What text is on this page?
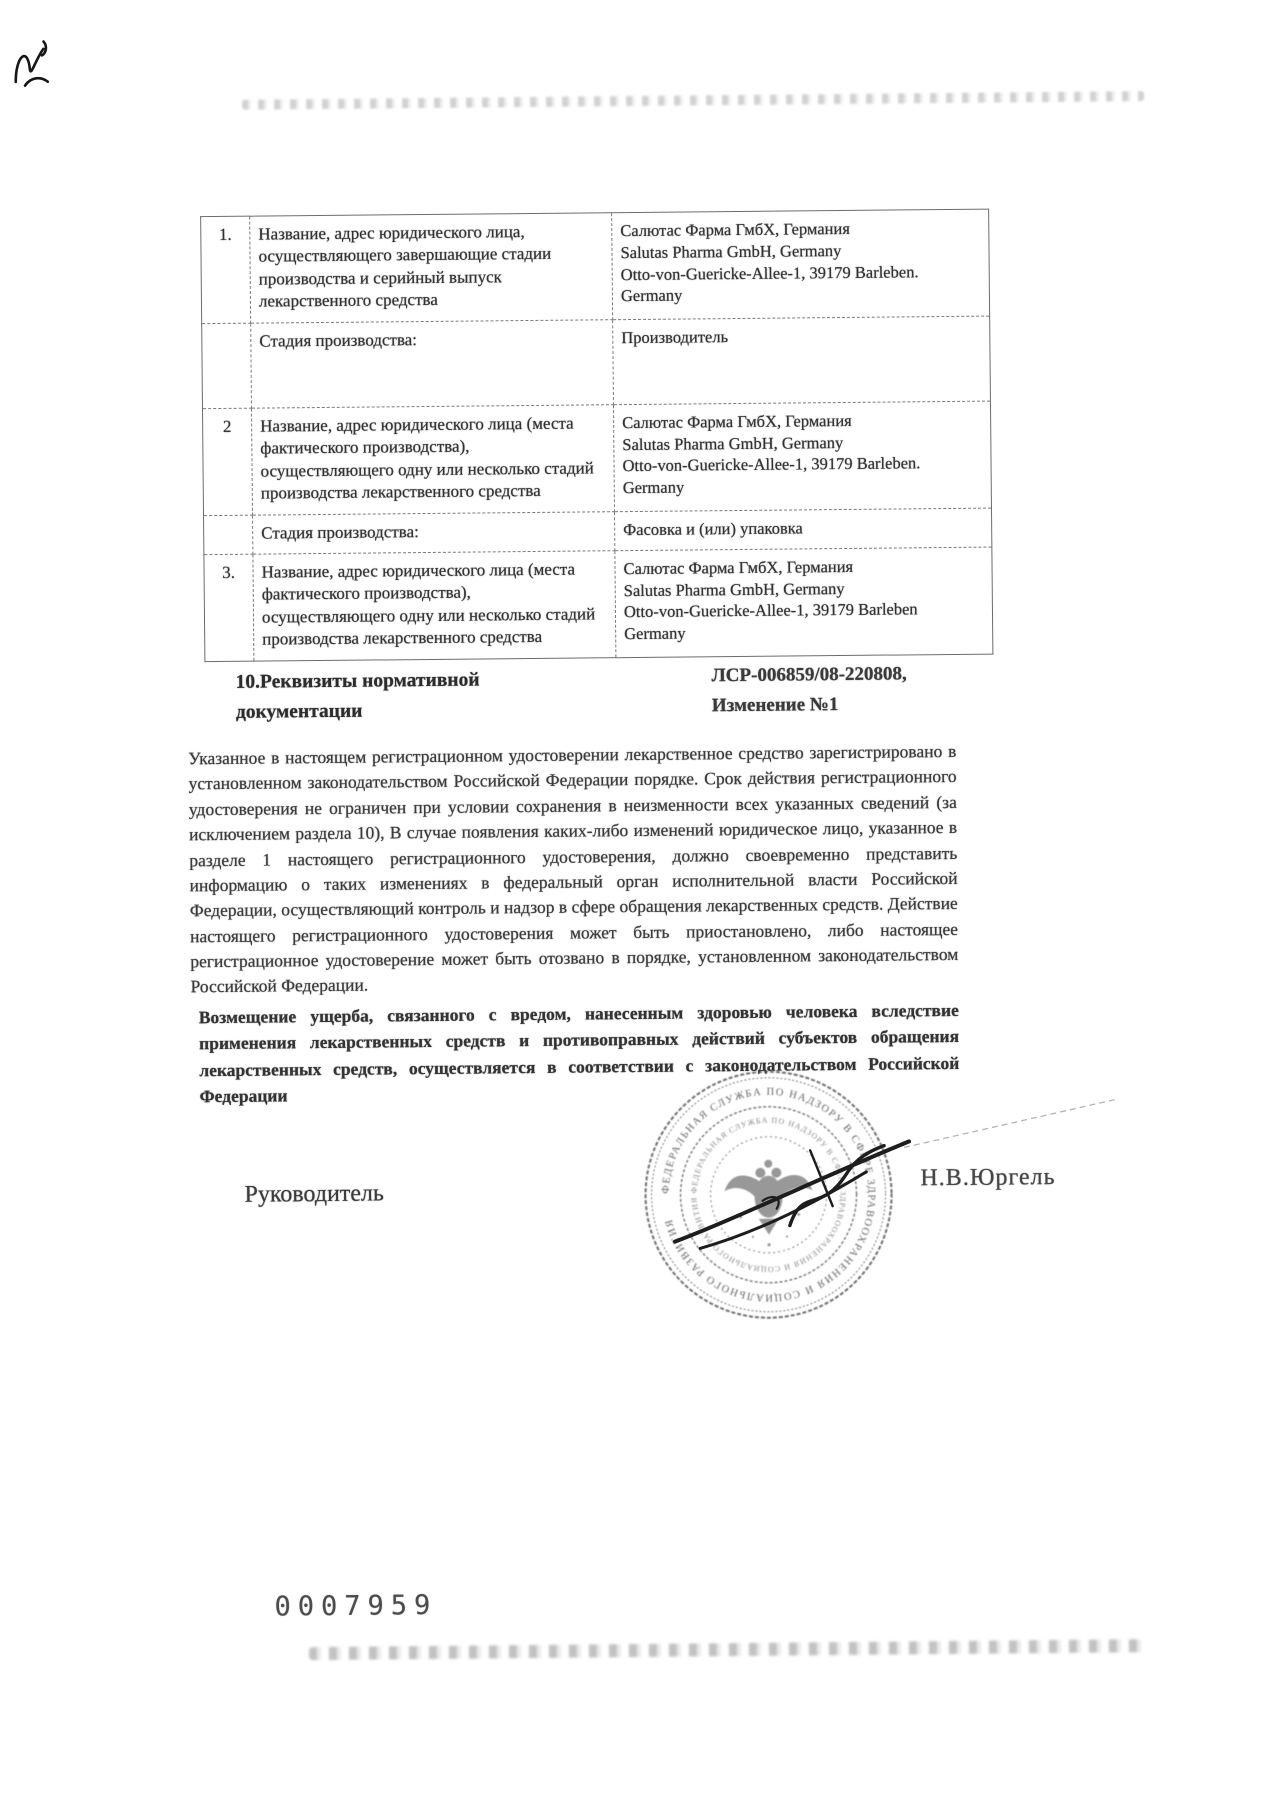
1.	Название, адрес юридического лица, осуществляющего завершающие стадии производства и серийный выпуск лекарственного средства	Салютас Фарма ГмбХ, Германия
Salutas Pharma GmbH, Germany
Otto-von-Guericke-Allee-1, 39179 Barleben.
Germany
	Стадия производства:	Производитель
2	Название, адрес юридического лица (места фактического производства), осуществляющего одну или несколько стадий производства лекарственного средства	Салютас Фарма ГмбХ, Германия
Salutas Pharma GmbH, Germany
Otto-von-Guericke-Allee-1, 39179 Barleben.
Germany
	Стадия производства:	Фасовка и (или) упаковка
3.	Название, адрес юридического лица (места фактического производства), осуществляющего одну или несколько стадий производства лекарственного средства	Салютас Фарма ГмбХ, Германия
Salutas Pharma GmbH, Germany
Otto-von-Guericke-Allee-1, 39179 Barleben
Germany
10.Реквизиты нормативной документации
ЛСР-006859/08-220808,
Изменение №1
Указанное в настоящем регистрационном удостоверении лекарственное средство зарегистрировано в установленном законодательством Российской Федерации порядке. Срок действия регистрационного удостоверения не ограничен при условии сохранения в неизменности всех указанных сведений (за исключением раздела 10), В случае появления каких-либо изменений юридическое лицо, указанное в разделе 1 настоящего регистрационного удостоверения, должно своевременно представить информацию о таких изменениях в федеральный орган исполнительной власти Российской Федерации, осуществляющий контроль и надзор в сфере обращения лекарственных средств. Действие настоящего регистрационного удостоверения может быть приостановлено, либо настоящее регистрационное удостоверение может быть отозвано в порядке, установленном законодательством Российской Федерации.
Возмещение ущерба, связанного с вредом, нанесенным здоровью человека вследствие применения лекарственных средств и противоправных действий субъектов обращения лекарственных средств, осуществляется в соответствии с законодательством Российской Федерации
Руководитель	ФЕДЕРАЛЬНАЯ СЛУЖБА ПО НАДЗОРУ В СФЕРЕ ЗДРАВООХРАНЕНИЯ И СОЦИАЛЬНОГО РАЗВИТИЯ
ФЕДЕРАЛЬНАЯ СЛУЖБА ПО НАДЗОРУ В СФЕРЕ ЗДРАВООХРАНЕНИЯ И СОЦИАЛЬНОГО РАЗВИТИЯ
Н.В.Юргель
0007959
